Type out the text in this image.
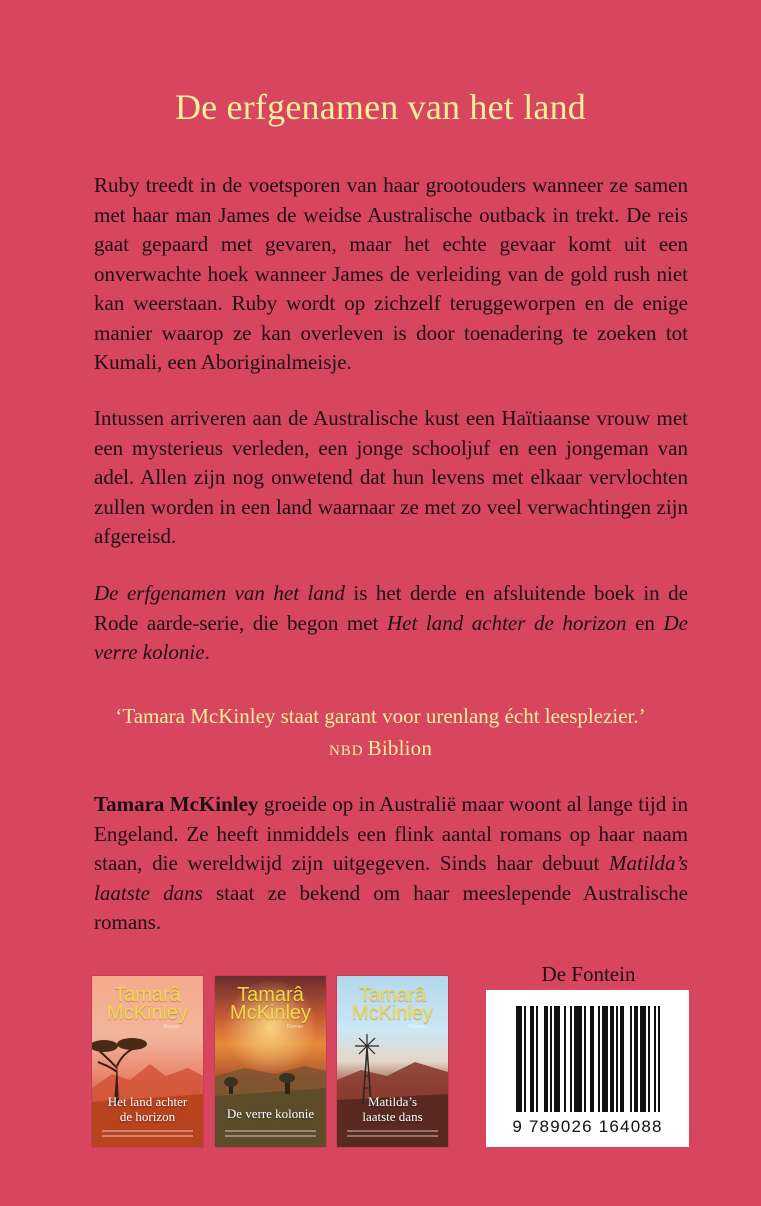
De erfgenamen van het land

Ruby treedt in de voetsporen van haar grootouders wanneer ze samen met haar man James de weidse Australische outback in trekt. De reis gaat gepaard met gevaren, maar het echte gevaar komt uit een onverwachte hoek wanneer James de verleiding van de gold rush niet kan weerstaan. Ruby wordt op zichzelf teruggeworpen en de enige manier waarop ze kan overleven is door toenadering te zoeken tot Kumali, een Aboriginalmeisje.

Intussen arriveren aan de Australische kust een Haïtiaanse vrouw met een mysterieus verleden, een jonge schooljuf en een jongeman van adel. Allen zijn nog onwetend dat hun levens met elkaar vervlochten zullen worden in een land waarnaar ze met zo veel verwachtingen zijn afgereisd.

De erfgenamen van het land is het derde en afsluitende boek in de Rode aarde-serie, die begon met Het land achter de horizon en De verre kolonie.

‘Tamara McKinley staat garant voor urenlang écht leesplezier.’
NBD Biblion

Tamara McKinley groeide op in Australië maar woont al lange tijd in Engeland. Ze heeft inmiddels een flink aantal romans op haar naam staan, die wereldwijd zijn uitgegeven. Sinds haar debuut Matilda’s laatste dans staat ze bekend om haar meeslepende Australische romans.

Tamarâ
McKinley
Roman
Het land achter
de horizon
Tamarâ
McKinley
Roman
De verre kolonie
Tamarâ
McKinley
Roman
Matilda’s
laatste dans
De Fontein
9 789026 164088
